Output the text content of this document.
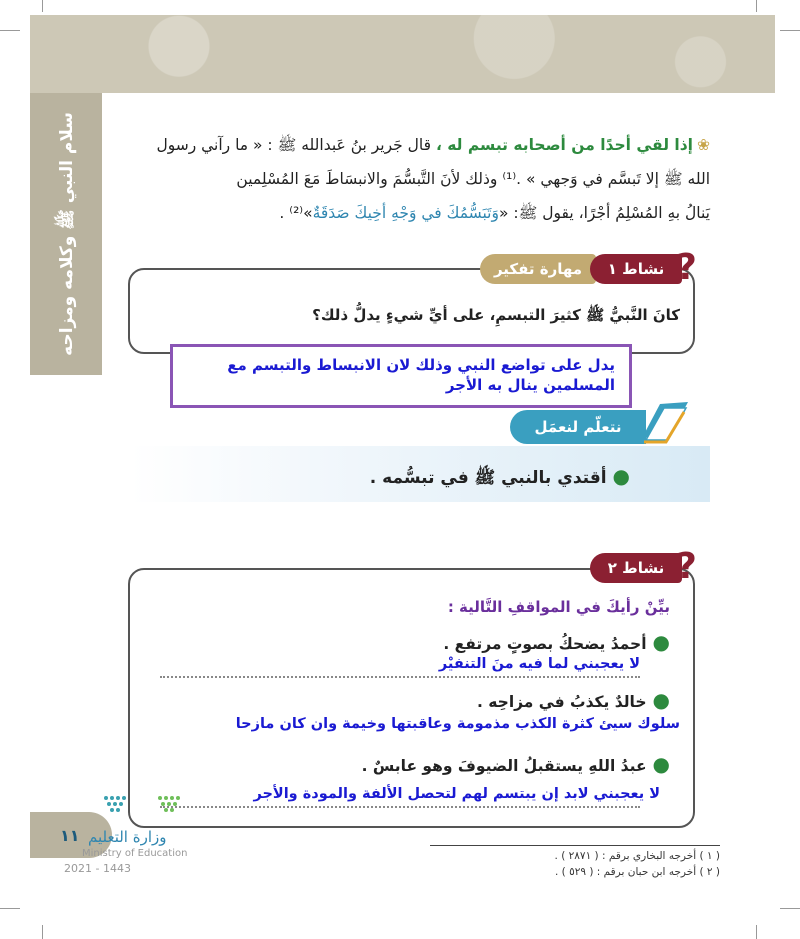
سلام النبي ﷺ وكلامه ومزاحه	❀إذا لقي أحدًا من أصحابه تبسم له ، قال جَرير بنُ عَبدالله ﷺ : « ما رآني رسول
الله ﷺ إلا تَبسَّم في وَجهي » .⁽¹⁾ وذلك لأنَ التَّبسُّمَ والانبسَاطَ مَعَ المُسْلِمين
يَنالُ بهِ المُسْلِمُ أجْرًا، يقول ﷺ: «وَتَبَسُّمُكَ في وَجْهِ أخِيكَ صَدَقَةٌ»⁽²⁾ .
مهارة تفكير نشاط ١ ?
كانَ النَّبيُّ ﷺ كثيرَ التبسمِ، على أيِّ شيءٍ يدلُّ ذلك؟
يدل على تواضع النبي وذلك لان الانبساط والتبسم مع المسلمين ينال به الأجر
نتعلّم لنعمَل
●أقتدي بالنبي ﷺ في تبسُّمه .
نشاط ٢ ?
بيِّنْ رأيكَ في المواقفِ التَّالية :
●أحمدُ يضحكُ بصوتٍ مرتفع .
لا يعجبني لما فيه منَ التنفيْر
●خالدٌ يكذبُ في مزاحِه .
سلوك سيئ كثرة الكذب مذمومة وعاقبتها وخيمة وان كان مازحا
●عبدُ اللهِ يستقبلُ الضيوفَ وهو عابسٌ .
لا يعجبني لابد إن يبتسم لهم لتحصل الألفة والمودة والأجر
١١ وزارة التعليم
Ministry of Education
2021 - 1443
( ١ ) أخرجه البخاري برقم : ( ٢٨٧١ ) .
( ٢ ) أخرجه ابن حبان برقم : ( ٥٢٩ ) .
